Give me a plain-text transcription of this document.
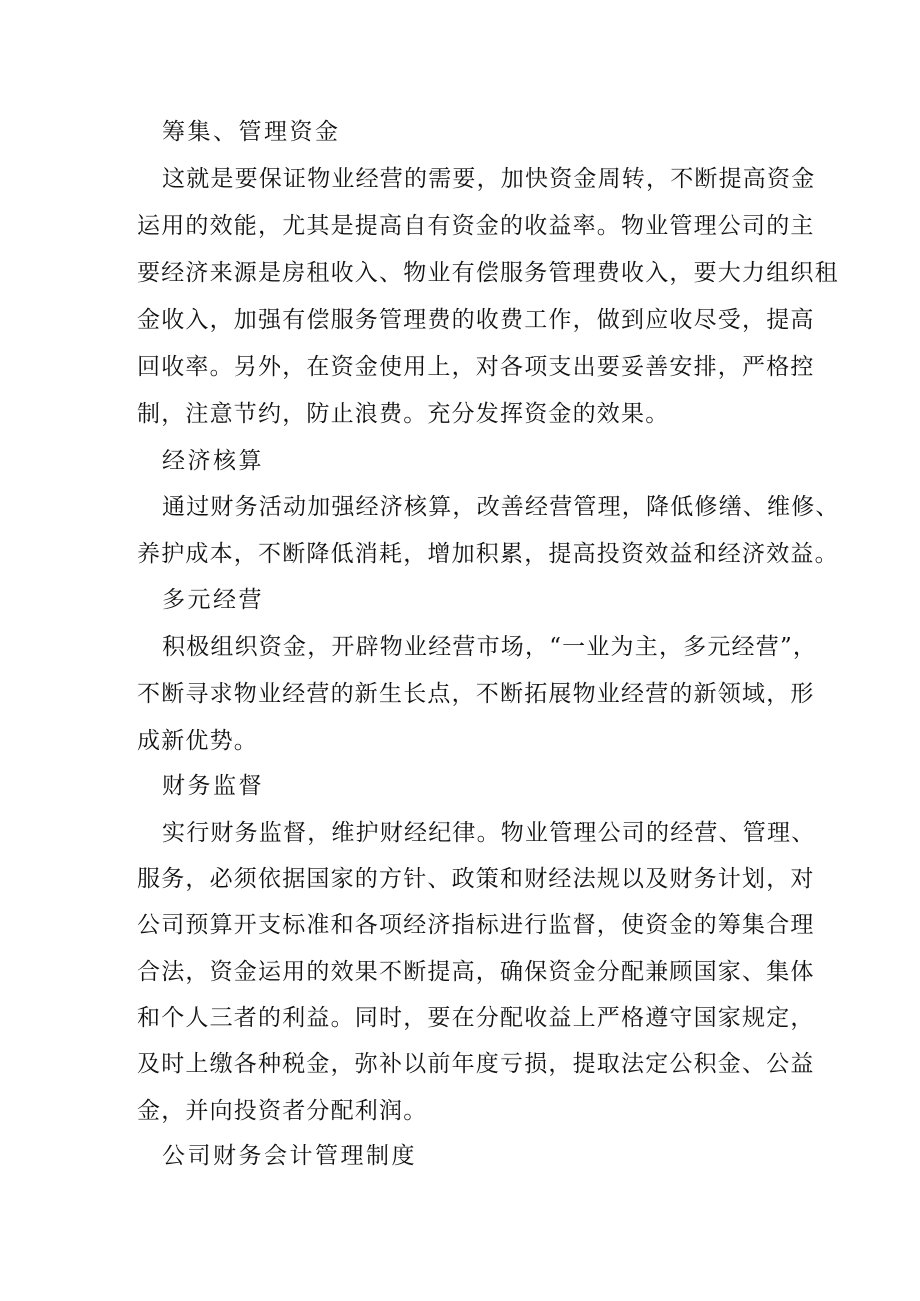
筹集、管理资金
这就是要保证物业经营的需要，加快资金周转，不断提高资金
运用的效能，尤其是提高自有资金的收益率。物业管理公司的主
要经济来源是房租收入、物业有偿服务管理费收入，要大力组织租
金收入，加强有偿服务管理费的收费工作，做到应收尽受，提高
回收率。另外，在资金使用上，对各项支出要妥善安排，严格控
制，注意节约，防止浪费。充分发挥资金的效果。
经济核算
通过财务活动加强经济核算，改善经营管理，降低修缮、维修、
养护成本，不断降低消耗，增加积累，提高投资效益和经济效益。
多元经营
积极组织资金，开辟物业经营市场，“一业为主，多元经营”，
不断寻求物业经营的新生长点，不断拓展物业经营的新领域，形
成新优势。
财务监督
实行财务监督，维护财经纪律。物业管理公司的经营、管理、
服务，必须依据国家的方针、政策和财经法规以及财务计划，对
公司预算开支标准和各项经济指标进行监督，使资金的筹集合理
合法，资金运用的效果不断提高，确保资金分配兼顾国家、集体
和个人三者的利益。同时，要在分配收益上严格遵守国家规定，
及时上缴各种税金，弥补以前年度亏损，提取法定公积金、公益
金，并向投资者分配利润。
公司财务会计管理制度
